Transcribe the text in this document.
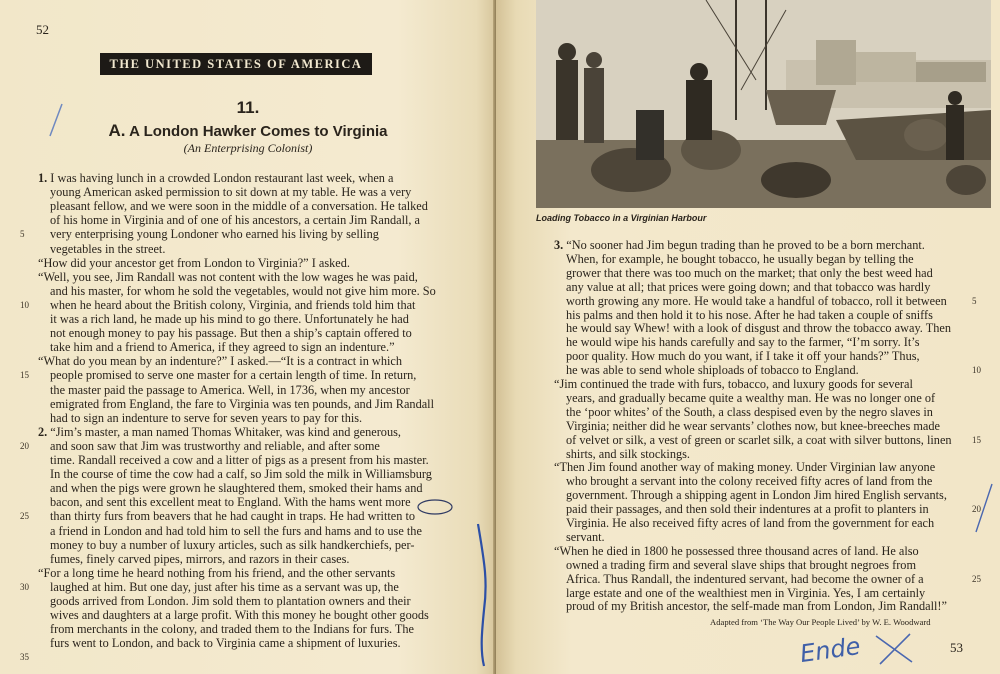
52
THE UNITED STATES OF AMERICA
11.
A. A London Hawker Comes to Virginia
(An Enterprising Colonist)
1. I was having lunch in a crowded London restaurant last week, when a
young American asked permission to sit down at my table. He was a very
pleasant fellow, and we were soon in the middle of a conversation. He talked
of his home in Virginia and of one of his ancestors, a certain Jim Randall, a
very enterprising young Londoner who earned his living by selling
vegetables in the street.
“How did your ancestor get from London to Virginia?” I asked.
“Well, you see, Jim Randall was not content with the low wages he was paid,
and his master, for whom he sold the vegetables, would not give him more. So
when he heard about the British colony, Virginia, and friends told him that
it was a rich land, he made up his mind to go there. Unfortunately he had
not enough money to pay his passage. But then a ship’s captain offered to
take him and a friend to America, if they agreed to sign an indenture.”
“What do you mean by an indenture?” I asked.—“It is a contract in which
people promised to serve one master for a certain length of time. In return,
the master paid the passage to America. Well, in 1736, when my ancestor
emigrated from England, the fare to Virginia was ten pounds, and Jim Randall
had to sign an indenture to serve for seven years to pay for this.
2. “Jim’s master, a man named Thomas Whitaker, was kind and generous,
and soon saw that Jim was trustworthy and reliable, and after some
time. Randall received a cow and a litter of pigs as a present from his master.
In the course of time the cow had a calf, so Jim sold the milk in Williamsburg
and when the pigs were grown he slaughtered them, smoked their hams and
bacon, and sent this excellent meat to England. With the hams went more
than thirty furs from beavers that he had caught in traps. He had written to
a friend in London and had told him to sell the furs and hams and to use the
money to buy a number of luxury articles, such as silk handkerchiefs, per-
fumes, finely carved pipes, mirrors, and razors in their cases.
“For a long time he heard nothing from his friend, and the other servants
laughed at him. But one day, just after his time as a servant was up, the
goods arrived from London. Jim sold them to plantation owners and their
wives and daughters at a large profit. With this money he bought other goods
from merchants in the colony, and traded them to the Indians for furs. The
furs went to London, and back to Virginia came a shipment of luxuries.
5
10
15
20
25
30
35
Loading Tobacco in a Virginian Harbour
3. “No sooner had Jim begun trading than he proved to be a born merchant.
When, for example, he bought tobacco, he usually began by telling the
grower that there was too much on the market; that only the best weed had
any value at all; that prices were going down; and that tobacco was hardly
worth growing any more. He would take a handful of tobacco, roll it between
his palms and then hold it to his nose. After he had taken a couple of sniffs
he would say Whew! with a look of disgust and throw the tobacco away. Then
he would wipe his hands carefully and say to the farmer, “I’m sorry. It’s
poor quality. How much do you want, if I take it off your hands?” Thus,
he was able to send whole shiploads of tobacco to England.
“Jim continued the trade with furs, tobacco, and luxury goods for several
years, and gradually became quite a wealthy man. He was no longer one of
the ‘poor whites’ of the South, a class despised even by the negro slaves in
Virginia; neither did he wear servants’ clothes now, but knee-breeches made
of velvet or silk, a vest of green or scarlet silk, a coat with silver buttons, linen
shirts, and silk stockings.
“Then Jim found another way of making money. Under Virginian law anyone
who brought a servant into the colony received fifty acres of land from the
government. Through a shipping agent in London Jim hired English servants,
paid their passages, and then sold their indentures at a profit to planters in
Virginia. He also received fifty acres of land from the government for each
servant.
“When he died in 1800 he possessed three thousand acres of land. He also
owned a trading firm and several slave ships that brought negroes from
Africa. Thus Randall, the indentured servant, had become the owner of a
large estate and one of the wealthiest men in Virginia. Yes, I am certainly
proud of my British ancestor, the self-made man from London, Jim Randall!”
5
10
15
20
25
Adapted from ‘The Way Our People Lived’ by W. E. Woodward
53
Ende
